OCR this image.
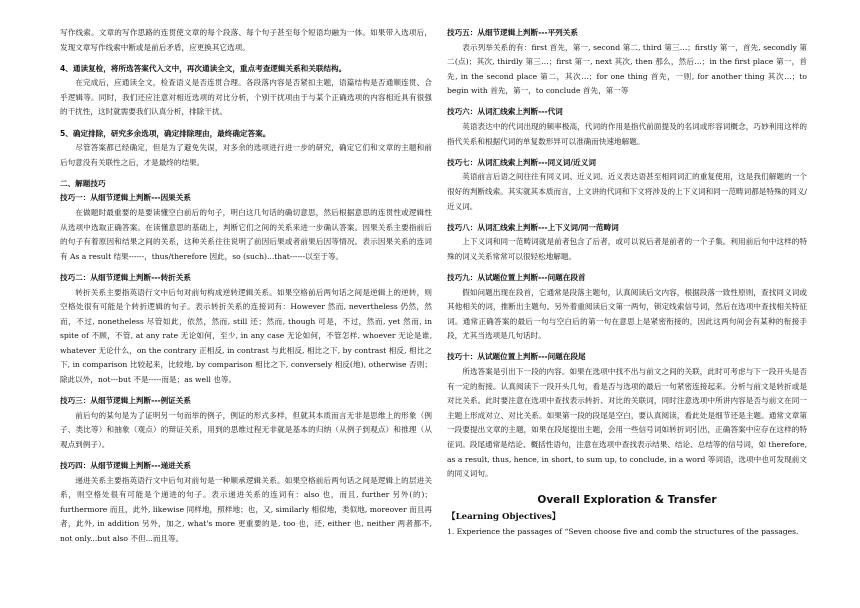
写作线索。文章的写作思路的连贯使文章的每个段落、每个句子甚至每个短语均融为一体。如果带入选项后，发现文章写作线索中断或是前后矛盾，应更换其它选项。

4、通读复检，将所选答案代入文中，再次通读全文，重点考查逻辑关系和关联结构。

在完成后，应通读全文，检查语义是否连贯合理。各段落内容是否紧扣主题，语篇结构是否通顺连贯、合乎逻辑等。同时，我们还应注意对相近选项的对比分析，个别干扰项由于与某个正确选项的内容相近具有很强的干扰性，这时就需要我们认真分析，排除干扰。

5、确定排除，研究多余选项，确定排除理由，最终确定答案。

尽管答案都已经确定，但是为了避免失误，对多余的选项进行进一步的研究，确定它们和文章的主题和前后句意没有关联性之后，才是最终的结果。

二、解题技巧
技巧一：从细节逻辑上判断---因果关系

在做题时最重要的是要读懂空白前后的句子，明白这几句话的确切意思，然后根据意思的连贯性或逻辑性从选项中选取正确答案。在读懂意思的基础上，判断它们之间的关系来进一步确认答案。因果关系主要指前后的句子有着原因和结果之间的关系，这种关系往往说明了前因后果或者前果后因等情况。表示因果关系的连词有 As a result 结果------，thus/therefore 因此，so (such)...that------以至于等。

技巧二：从细节逻辑上判断---转折关系

转折关系主要指英语行文中后句对前句构成逆转逻辑关系。如果空格前后两句话之间是逆辑上的逆转，则空格处很有可能是个转折逻辑的句子。表示转折关系的连接词有：However 然而, nevertheless 仍然，然而，不过, nonetheless 尽管如此，依然，然而, still 还；然而, though 可是，不过，然而, yet 然而, in spite of 不顾，不管, at any rate 无论如何，至少, in any case 无论如何，不管怎样, whoever 无论是谁, whatever 无论什么，on the contrary 正相反, in contrast 与此相反, 相比之下, by contrast 相反, 相比之下, in comparison 比较起来，比较地, by comparison 相比之下, conversely 相反(地), otherwise 否则；除此以外，not---but 不是-----而是；as well 也等。

技巧三：从细节逻辑上判断---例证关系

前后句的某句是为了证明另一句而举的例子，例证的形式多样，但就其本质而言无非是思维上的形象（例子、类比等）和抽象（观点）的辩证关系，用到的思维过程无非就是基本的归纳（从例子到观点）和推理（从观点到例子）。

技巧四：从细节逻辑上判断---递进关系

递进关系主要指英语行文中后句对前句是一种顺承逻辑关系。如果空格前后两句话之间是逻辑上的层进关系，则空格处很有可能是个递进的句子。表示递进关系的连词有：also 也，而且, further 另外(的)；furthermore 而且，此外, likewise 同样地，照样地；也，又, similarly 相似地，类似地, moreover 而且再者，此外, in addition 另外，加之, what's more 更重要的是, too 也，还, either 也, neither 两者都不, not only...but also 不但...而且等。

技巧五：从细节逻辑上判断---平列关系

表示列举关系的有：first 首先，第一, second 第二, third 第三…；firstly 第一，首先, secondly 第二(点)；其次, thirdly 第三…；first 第一, next 其次, then 那么，然后…；in the first place 第一，首先, in the second place 第二，其次…；for one thing 首先，一则, for another thing 其次…；to begin with 首先，第一，to conclude 首先，第一等

技巧六：从词汇线索上判断---代词

英语表达中的代词出现的频率极高，代词的作用是指代前面提及的名词或形容词概念，巧妙利用这样的指代关系和根据代词的单复数形异可以准确而快速地解题。

技巧七：从词汇线索上判断---同义词/近义词

英语前言后语之间往往有同义词、近义词、近义表达语甚至相同词汇的重复使用，这是我们解题的一个很好的判断线索。其实就其本质而言，上文讲的代词和下文将涉及的上下义词和同一范畴词都是特殊的同义/近义词。

技巧八：从词汇线索上判断---上下义词/同一范畴词

上下义词和同一范畴词就是前者包含了后者，或可以说后者是前者的一个子集。利用前后句中这样的特殊的词义关系常常可以很轻松地解题。

技巧九：从试题位置上判断---问题在段首

假如问题出现在段首，它通常是段落主题句，认真阅读后文内容，根据段落一致性原则，查找同义词或其他相关的词，推断出主题句。另外着重阅读后文第一两句，锁定线索信号词，然后在选项中查找相关特征词。通常正确答案的最后一句与空白后的第一句在意思上是紧密衔接的，因此这两句间会有某种的衔接手段，尤其当选项是几句话时。

技巧十：从试题位置上判断---问题在段尾

所选答案是引出下一段的内容。如果在选项中找不出与前文之间的关联，此时可考虑与下一段开头是否有一定的衔接。认真阅读下一段开头几句，看是否与选项的最后一句紧密连接起来。分析与前文是转折或是对比关系。此时要注意在选项中查找表示转折、对比的关联词，同时注意选项中所讲内容是否与前文在同一主题上形成对立、对比关系。如果第一段的段尾是空白，要认真阅读，看此处是细节还是主题。通常文章第一段要提出文章的主题，如果在段尾提出主题，会用一些信号词如转折词引出，正确答案中应存在这样的特征词。段尾通常是结论、概括性语句，注意在选项中查找表示结果、结论、总结等的信号词，如 therefore, as a result, thus, hence, in short, to sum up, to conclude, in a word 等词语，选项中也可发现前文的同义词句。

Overall Exploration & Transfer
【Learning Objectives】

1. Experience the passages of “Seven choose five and comb the structures of the passages.
